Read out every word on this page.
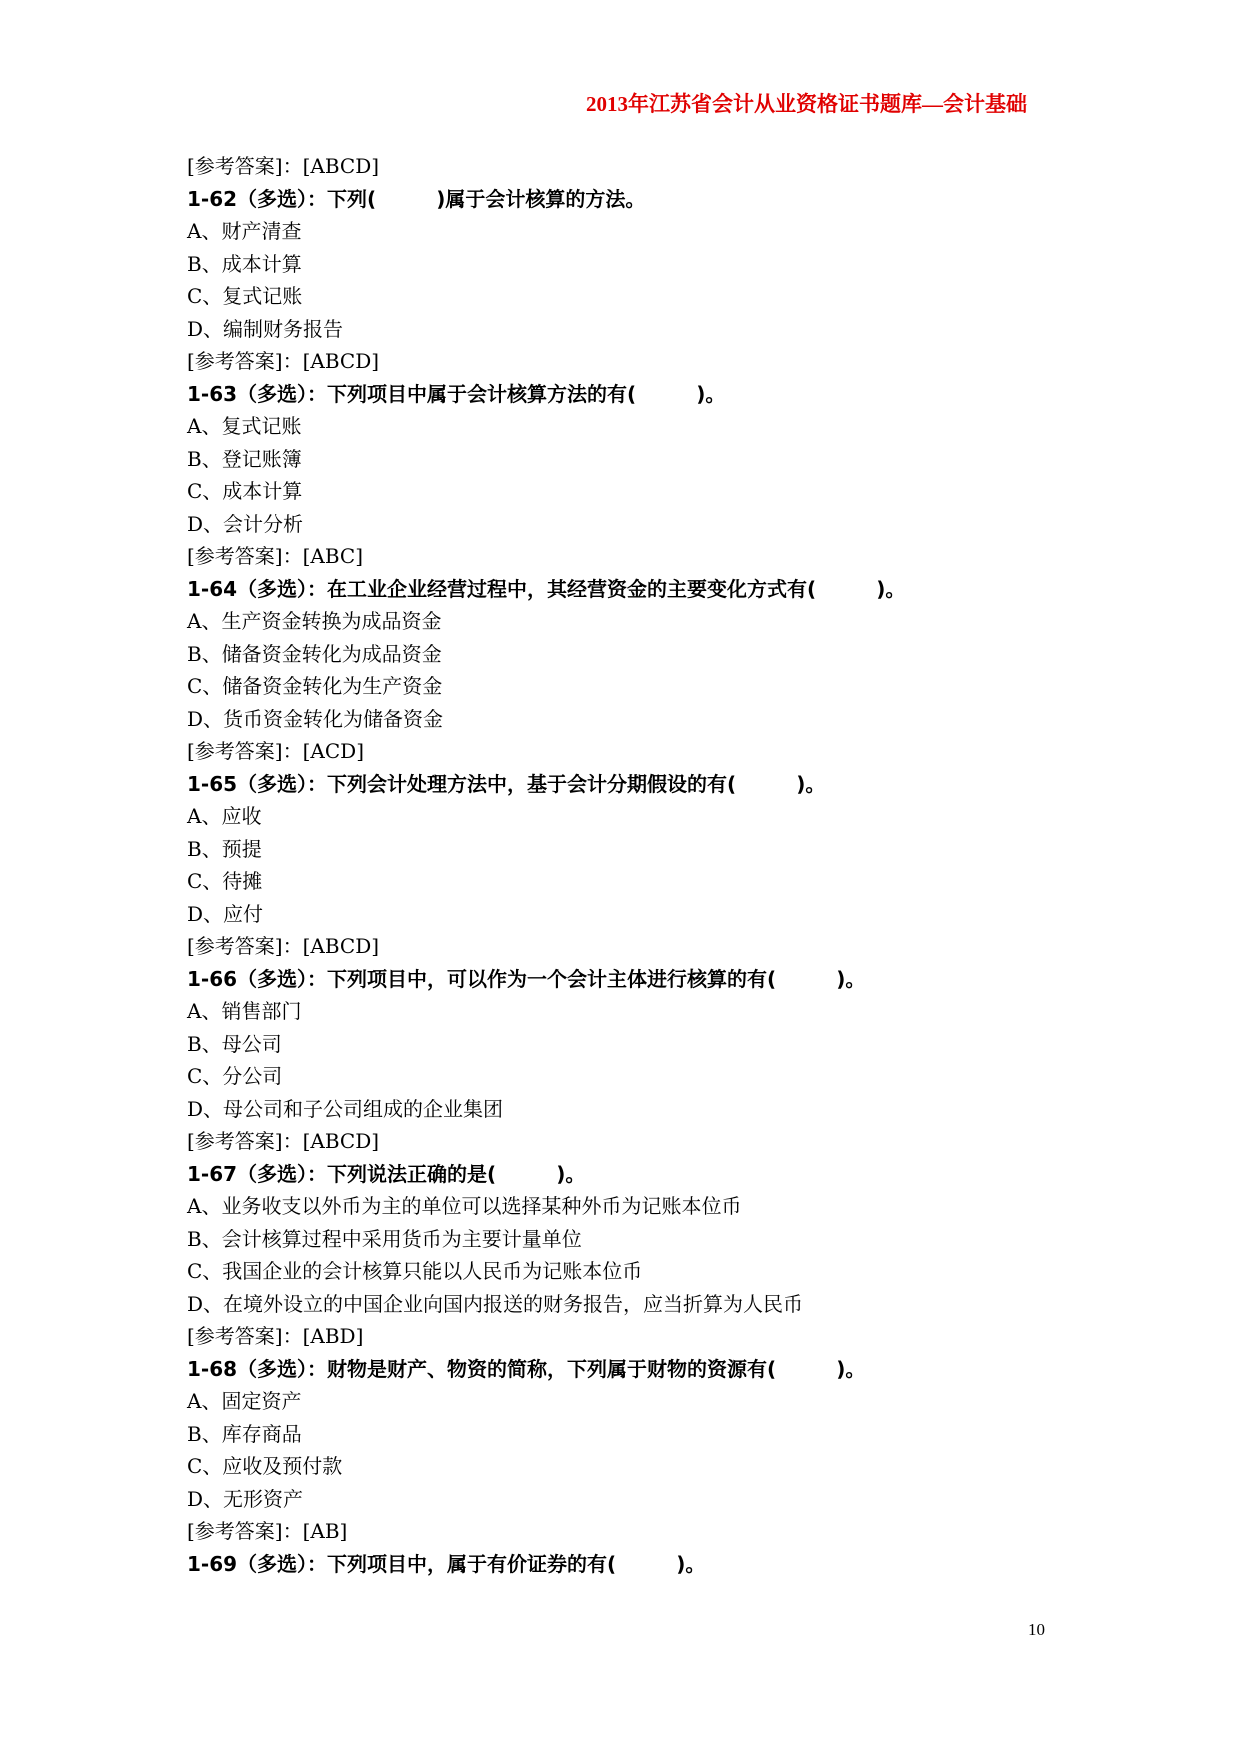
2013年江苏省会计从业资格证书题库—会计基础
[参考答案]：[ABCD]
1-62（多选）：下列(　　　)属于会计核算的方法。
A、财产清查
B、成本计算
C、复式记账
D、编制财务报告
[参考答案]：[ABCD]
1-63（多选）：下列项目中属于会计核算方法的有(　　　)。
A、复式记账
B、登记账簿
C、成本计算
D、会计分析
[参考答案]：[ABC]
1-64（多选）：在工业企业经营过程中，其经营资金的主要变化方式有(　　　)。
A、生产资金转换为成品资金
B、储备资金转化为成品资金
C、储备资金转化为生产资金
D、货币资金转化为储备资金
[参考答案]：[ACD]
1-65（多选）：下列会计处理方法中，基于会计分期假设的有(　　　)。
A、应收
B、预提
C、待摊
D、应付
[参考答案]：[ABCD]
1-66（多选）：下列项目中，可以作为一个会计主体进行核算的有(　　　)。
A、销售部门
B、母公司
C、分公司
D、母公司和子公司组成的企业集团
[参考答案]：[ABCD]
1-67（多选）：下列说法正确的是(　　　)。
A、业务收支以外币为主的单位可以选择某种外币为记账本位币
B、会计核算过程中采用货币为主要计量单位
C、我国企业的会计核算只能以人民币为记账本位币
D、在境外设立的中国企业向国内报送的财务报告，应当折算为人民币
[参考答案]：[ABD]
1-68（多选）：财物是财产、物资的简称，下列属于财物的资源有(　　　)。
A、固定资产
B、库存商品
C、应收及预付款
D、无形资产
[参考答案]：[AB]
1-69（多选）：下列项目中，属于有价证券的有(　　　)。
10
